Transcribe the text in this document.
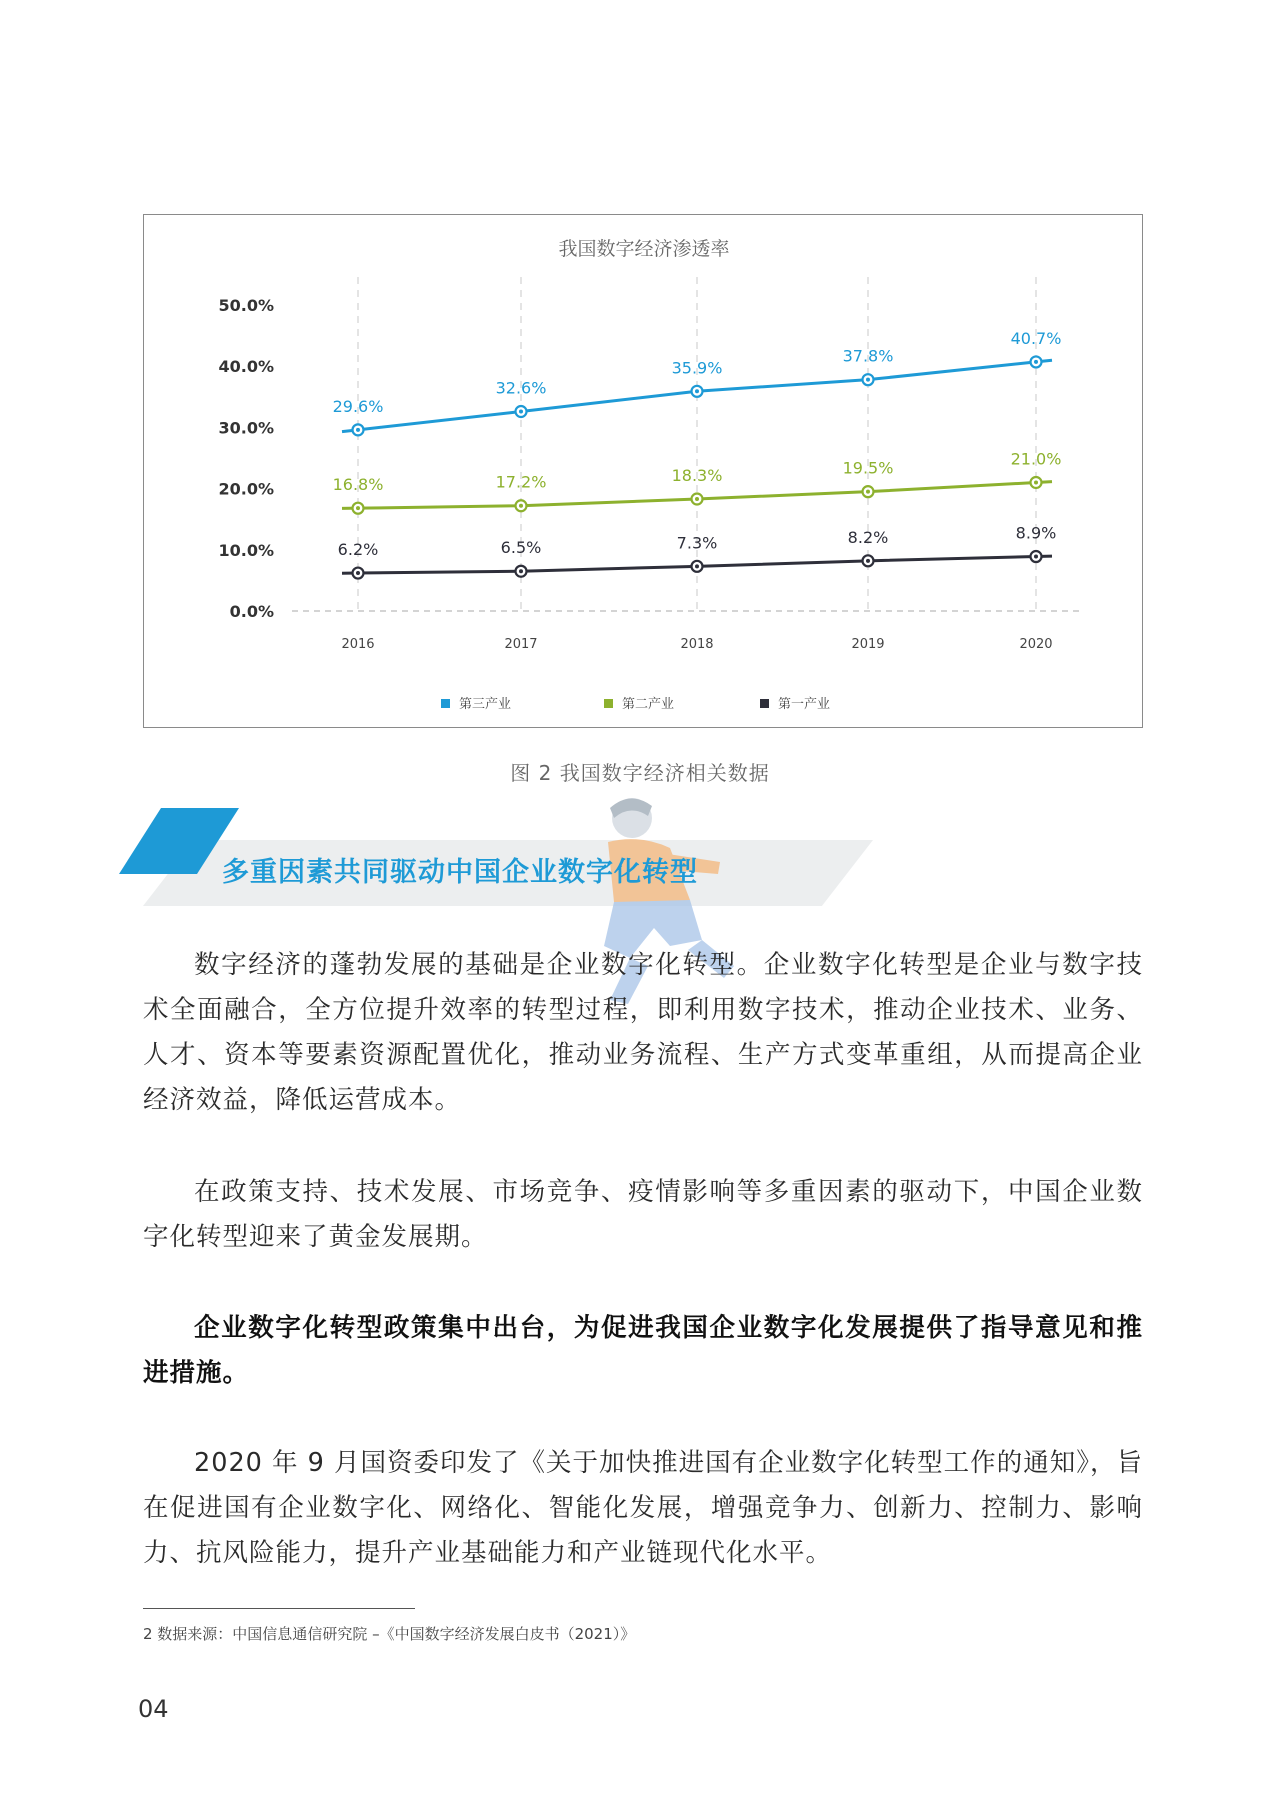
我国数字经济渗透率
0.0%
10.0%
20.0%
30.0%
40.0%
50.0%
2016	2017	2018	2019	2020
29.6%
32.6%
35.9%
37.8%
40.7%
16.8%	17.2%	18.3%	19.5%	21.0%
6.2%	6.5%	7.3%	8.2%	8.9%
第三产业	第二产业	第一产业
图 2 我国数字经济相关数据
多重因素共同驱动中国企业数字化转型

数字经济的蓬勃发展的基础是企业数字化转型。企业数字化转型是企业与数字技术全面融合，全方位提升效率的转型过程，即利用数字技术，推动企业技术、业务、人才、资本等要素资源配置优化，推动业务流程、生产方式变革重组，从而提高企业经济效益，降低运营成本。

在政策支持、技术发展、市场竞争、疫情影响等多重因素的驱动下，中国企业数字化转型迎来了黄金发展期。

企业数字化转型政策集中出台，为促进我国企业数字化发展提供了指导意见和推进措施。

2020 年 9 月国资委印发了《关于加快推进国有企业数字化转型工作的通知》，旨在促进国有企业数字化、网络化、智能化发展，增强竞争力、创新力、控制力、影响力、抗风险能力，提升产业基础能力和产业链现代化水平。

2 数据来源：中国信息通信研究院 –《中国数字经济发展白皮书（2021）》
04
